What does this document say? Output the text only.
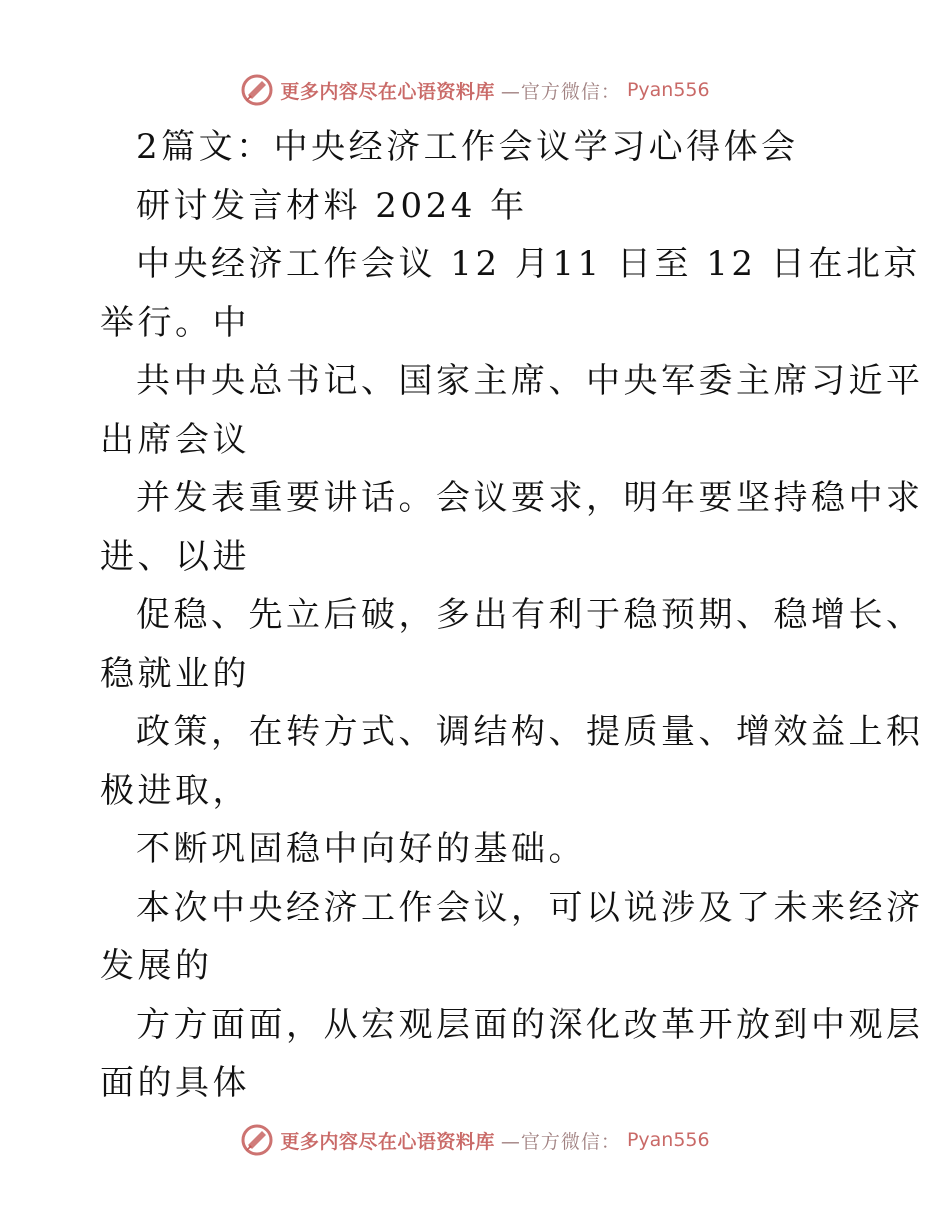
更多内容尽在心语资料库 —官方微信： Pyan556
2篇文：中央经济工作会议学习心得体会
研讨发言材料 2024 年
中央经济工作会议 12 月11 日至 12 日在北京
举行。中
共中央总书记、国家主席、中央军委主席习近平
出席会议
并发表重要讲话。会议要求，明年要坚持稳中求
进、以进
促稳、先立后破，多出有利于稳预期、稳增长、
稳就业的
政策，在转方式、调结构、提质量、增效益上积
极进取，
不断巩固稳中向好的基础。
本次中央经济工作会议，可以说涉及了未来经济
发展的
方方面面，从宏观层面的深化改革开放到中观层
面的具体
更多内容尽在心语资料库 —官方微信： Pyan556
